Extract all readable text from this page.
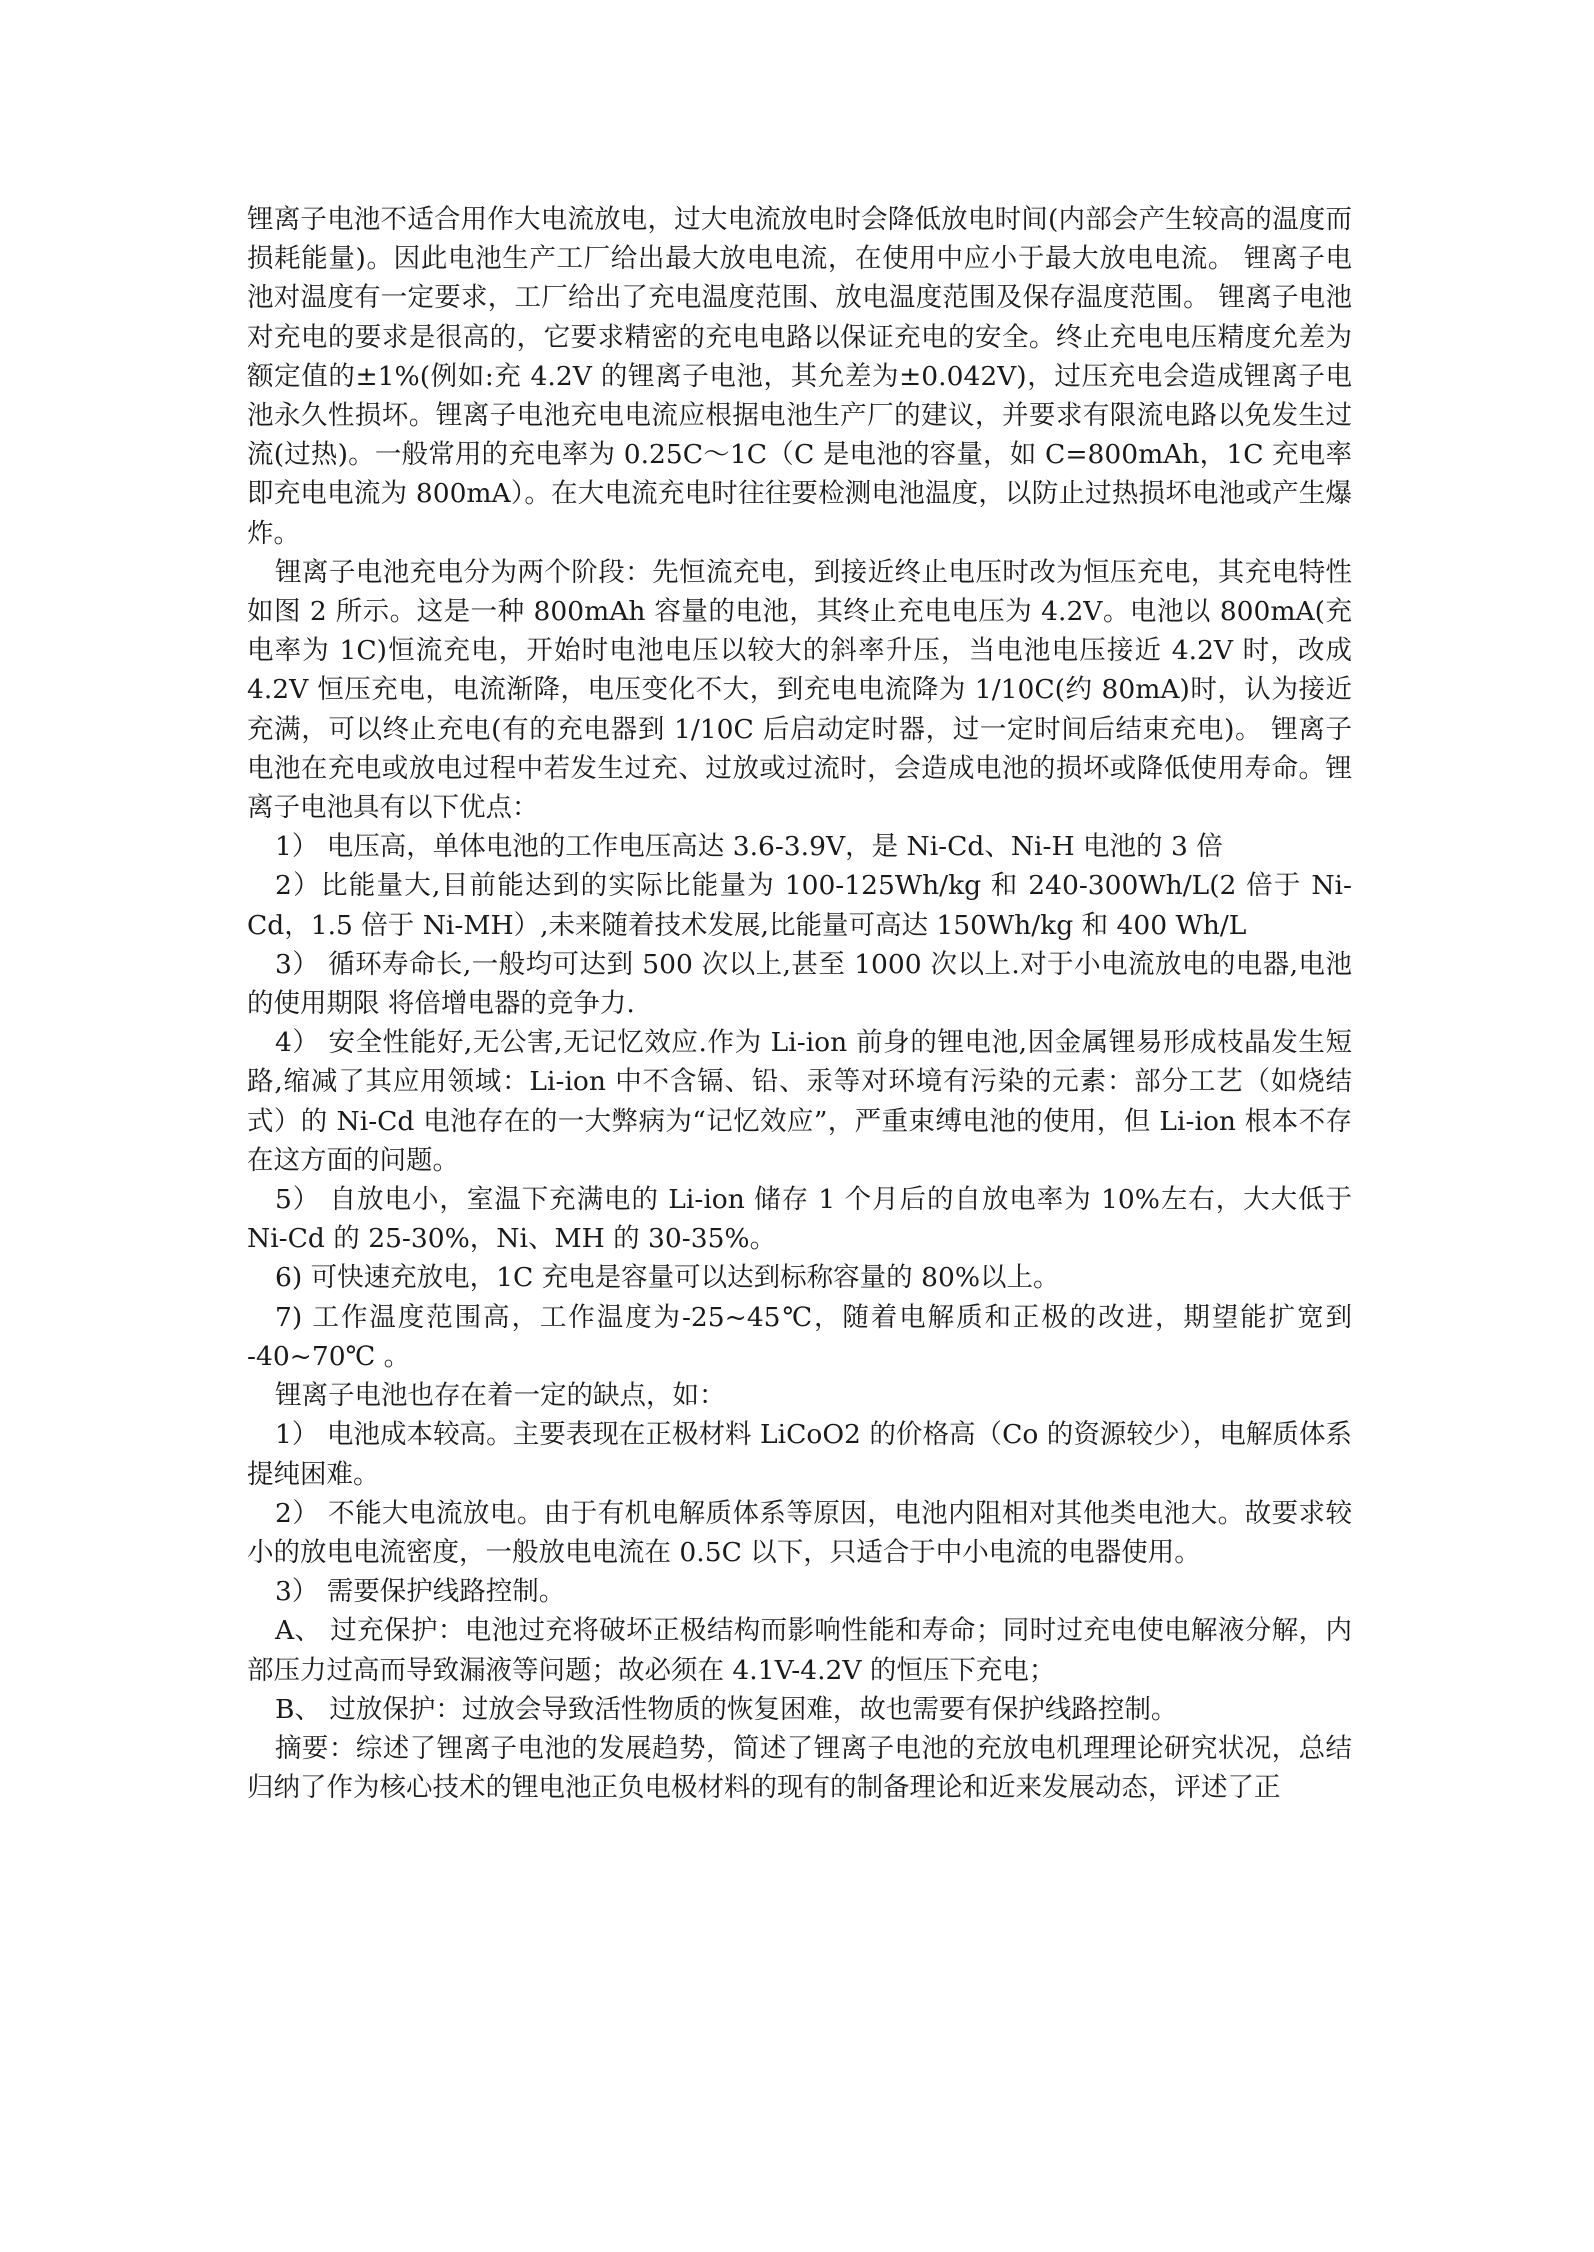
锂离子电池不适合用作大电流放电，过大电流放电时会降低放电时间(内部会产生较高的温度而损耗能量)。因此电池生产工厂给出最大放电电流，在使用中应小于最大放电电流。 锂离子电池对温度有一定要求，工厂给出了充电温度范围、放电温度范围及保存温度范围。 锂离子电池对充电的要求是很高的，它要求精密的充电电路以保证充电的安全。终止充电电压精度允差为额定值的±1%(例如:充 4.2V 的锂离子电池，其允差为±0.042V)，过压充电会造成锂离子电池永久性损坏。锂离子电池充电电流应根据电池生产厂的建议，并要求有限流电路以免发生过流(过热)。一般常用的充电率为 0.25C～1C（C 是电池的容量，如 C=800mAh，1C 充电率即充电电流为 800mA）。在大电流充电时往往要检测电池温度，以防止过热损坏电池或产生爆炸。

锂离子电池充电分为两个阶段：先恒流充电，到接近终止电压时改为恒压充电，其充电特性如图 2 所示。这是一种 800mAh 容量的电池，其终止充电电压为 4.2V。电池以 800mA(充电率为 1C)恒流充电，开始时电池电压以较大的斜率升压，当电池电压接近 4.2V 时，改成 4.2V 恒压充电，电流渐降，电压变化不大，到充电电流降为 1/10C(约 80mA)时，认为接近充满，可以终止充电(有的充电器到 1/10C 后启动定时器，过一定时间后结束充电)。 锂离子电池在充电或放电过程中若发生过充、过放或过流时，会造成电池的损坏或降低使用寿命。锂离子电池具有以下优点：

1） 电压高，单体电池的工作电压高达 3.6-3.9V，是 Ni-Cd、Ni-H 电池的 3 倍

2）比能量大,目前能达到的实际比能量为 100-125Wh/kg 和 240-300Wh/L(2 倍于 Ni-Cd，1.5 倍于 Ni-MH）,未来随着技术发展,比能量可高达 150Wh/kg 和 400 Wh/L

3） 循环寿命长,一般均可达到 500 次以上,甚至 1000 次以上.对于小电流放电的电器,电池的使用期限 将倍增电器的竞争力.

4） 安全性能好,无公害,无记忆效应.作为 Li-ion 前身的锂电池,因金属锂易形成枝晶发生短路,缩减了其应用领域：Li-ion 中不含镉、铅、汞等对环境有污染的元素：部分工艺（如烧结式）的 Ni-Cd 电池存在的一大弊病为“记忆效应”，严重束缚电池的使用，但 Li-ion 根本不存在这方面的问题。

5） 自放电小，室温下充满电的 Li-ion 储存 1 个月后的自放电率为 10%左右，大大低于 Ni-Cd 的 25-30%，Ni、MH 的 30-35%。

6) 可快速充放电，1C 充电是容量可以达到标称容量的 80%以上。

7) 工作温度范围高，工作温度为-25~45℃，随着电解质和正极的改进，期望能扩宽到 -40~70℃ 。

锂离子电池也存在着一定的缺点，如：

1） 电池成本较高。主要表现在正极材料 LiCoO2 的价格高（Co 的资源较少），电解质体系提纯困难。

2） 不能大电流放电。由于有机电解质体系等原因，电池内阻相对其他类电池大。故要求较小的放电电流密度，一般放电电流在 0.5C 以下，只适合于中小电流的电器使用。

3） 需要保护线路控制。

A、 过充保护：电池过充将破坏正极结构而影响性能和寿命；同时过充电使电解液分解，内部压力过高而导致漏液等问题；故必须在 4.1V-4.2V 的恒压下充电；

B、 过放保护：过放会导致活性物质的恢复困难，故也需要有保护线路控制。

摘要：综述了锂离子电池的发展趋势，简述了锂离子电池的充放电机理理论研究状况，总结归纳了作为核心技术的锂电池正负电极材料的现有的制备理论和近来发展动态，评述了正
